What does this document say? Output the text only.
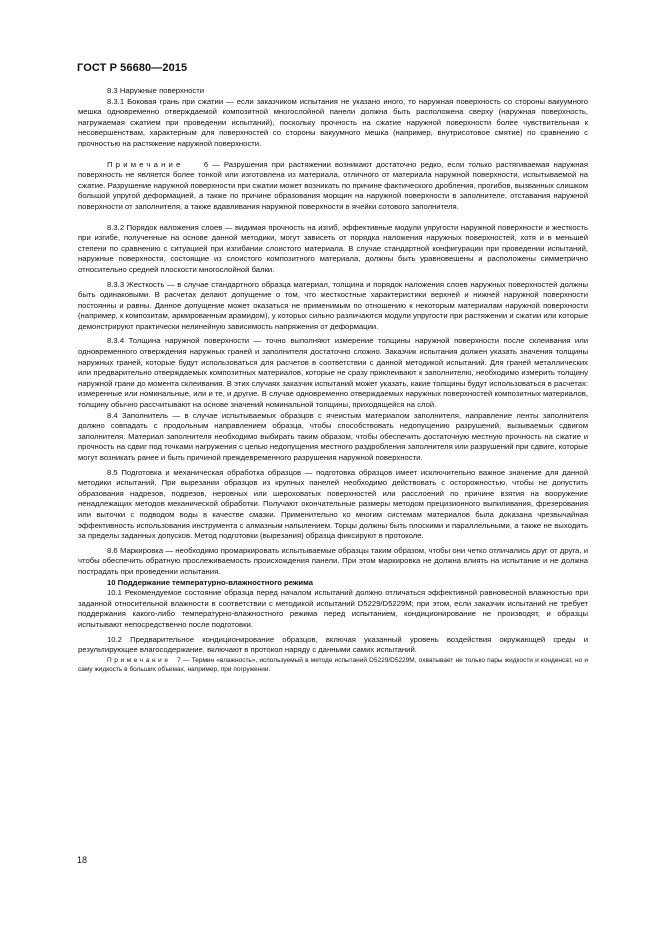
ГОСТ Р 56680—2015

8.3 Наружные поверхности

8.3.1 Боковая грань при сжатии — если заказчиком испытания не указано иного, то наружная поверхность со стороны вакуумного мешка одновременно отверждаемой композитной многослойной панели должна быть расположена сверху (наружная поверхность, нагружаемая сжатием при проведении испытаний), поскольку прочность на сжатие наружной поверхности более чувствительная к несовершенствам, характерным для поверхностей со стороны вакуумного мешка (например, внутрисотовое смятие) по сравнению с прочностью на растяжение наружной поверхности.

Примечание	6 — Разрушения при растяжении возникают достаточно редко, если только растягиваемая наружная поверхность не является более тонкой или изготовлена из материала, отличного от материала наружной поверхности, испытываемой на сжатие. Разрушение наружной поверхности при сжатии может возникать по причине фактического дробления, прогибов, вызванных слишком большой упругой деформацией, а также по причине образования морщин на наружной поверхности в заполнителе, отставания наружной поверхности от заполнителя, а также вдавливания наружной поверхности в ячейки сотового заполнителя.

8.3.2 Порядок наложения слоев — видимая прочность на изгиб, эффективные модули упругости наружной поверхности и жесткость при изгибе, полученные на основе данной методики, могут зависеть от порядка наложения наружных поверхностей, хотя и в меньшей степени по сравнению с ситуацией при изгибании слоистого материала. В случае стандартной конфигурации при проведении испытаний, наружные поверхности, состоящие из слоистого композитного материала, должны быть уравновешены и расположены симметрично относительно средней плоскости многослойной балки.

8.3.3 Жесткость — в случае стандартного образца материал, толщина и порядок наложения слоев наружных поверхностей должны быть одинаковыми. В расчетах делают допущение о том, что жесткостные характеристики верхней и нижней наружной поверхности постоянны и равны. Данное допущение может оказаться не применимым по отношению к некоторым материалам наружной поверхности (например, к композитам, армированным арамидом), у которых сильно различаются модули упругости при растяжении и сжатии или которые демонстрируют практически нелинейную зависимость напряжения от деформации.

8.3.4 Толщина наружной поверхности — точно выполняют измерение толщины наружной поверхности после склеивания или одновременного отверждения наружных граней и заполнителя достаточно сложно. Заказчик испытания должен указать значения толщины наружных граней, которые будут использоваться для расчетов в соответствии с данной методикой испытаний. Для граней металлических или предварительно отверждаемых композитных материалов, которые не сразу приклеивают к заполнителю, необходимо измерить толщину наружной грани до момента склеивания. В этих случаях заказчик испытаний может указать, какие толщины будут использоваться в расчетах: измеренные или номинальные, или и те, и другие. В случае одновременно отверждаемых наружных поверхностей композитных материалов, толщину обычно рассчитывают на основе значений номинальной толщины, приходящейся на слой.

8.4 Заполнитель — в случае испытываемых образцов с ячеистым материалом заполнителя, направление ленты заполнителя должно совпадать с продольным направлением образца, чтобы способствовать недопущению разрушений, вызываемых сдвигом заполнителя. Материал заполнителя необходимо выбирать таким образом, чтобы обеспечить достаточную местную прочность на сжатие и прочность на сдвиг под точками нагружения с целью недопущения местного раздробления заполнителя или разрушений при сдвиге, которые могут возникать ранее и быть причиной преждевременного разрушения наружной поверхности.

8.5 Подготовка и механическая обработка образцов — подготовка образцов имеет исключительно важное значение для данной методики испытаний. При вырезании образцов из крупных панелей необходимо действовать с осторожностью, чтобы не допустить образования надрезов, подрезов, неровных или шероховатых поверхностей или расслоений по причине взятия на вооружение ненадлежащих методов механической обработки. Получают окончательные размеры методом прецизионного выпиливания, фрезерования или выточки с подводом воды в качестве смазки. Применительно ко многим системам материалов была доказана чрезвычайная эффективность использования инструмента с алмазным напылением. Торцы должны быть плоскими и параллельными, а также не выходить за пределы заданных допусков. Метод подготовки (вырезания) образца фиксируют в протоколе.

8.6 Маркировка — необходимо промаркировать испытываемые образцы таким образом, чтобы они четко отличались друг от друга, и чтобы обеспечить обратную прослеживаемость происхождения панели. При этом маркировка не должна влиять на испытание и не должна пострадать при проведении испытания.

10 Поддержание температурно-влажностного режима

10.1 Рекомендуемое состояние образца перед началом испытаний должно отличаться эффективной равновесной влажностью при заданной относительной влажности в соответствии с методикой испытаний D5229/D5229M; при этом, если заказчик испытаний не требует поддержания какого-либо температурно-влажностного режима перед испытанием, кондиционирование не производят, и образцы испытывают непосредственно после подготовки.

10.2 Предварительное кондиционирование образцов, включая указанный уровень воздействия окружающей среды и результирующее влагосодержание, включают в протокол наряду с данными самих испытаний.

Примечание 7 — Термин «влажность», используемый в методе испытаний D5229/D5229M, охватывает не только пары жидкости и конденсат, но и саму жидкость в больших объемах, например, при погружении.

18
